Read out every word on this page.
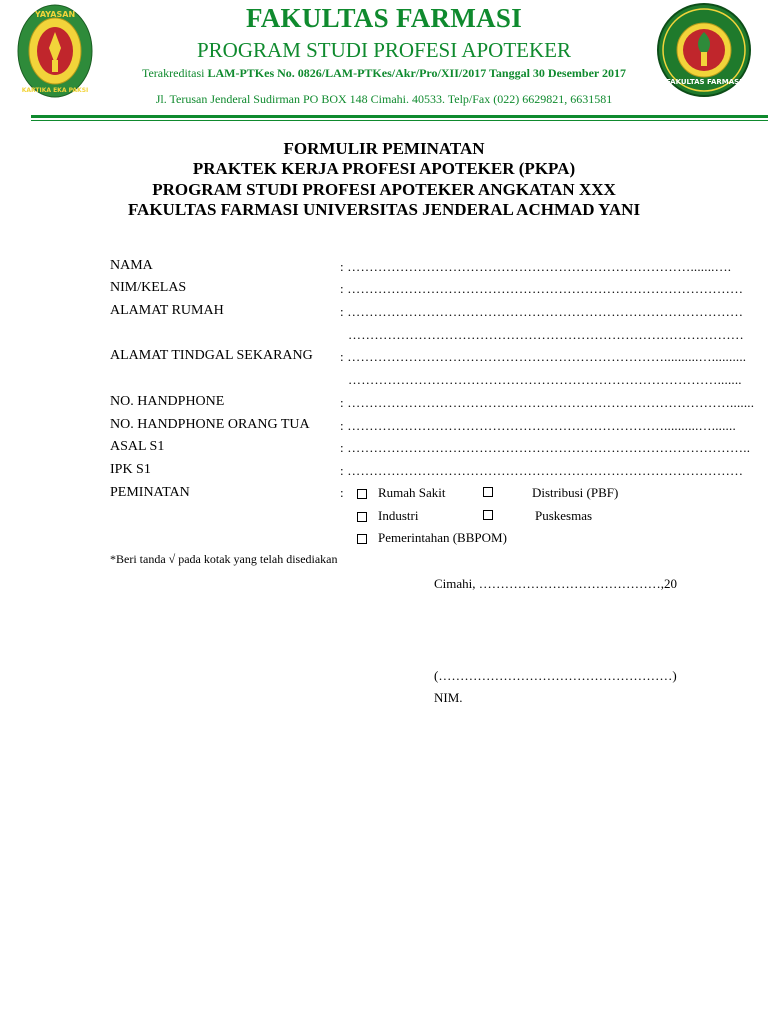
YAYASAN
KARTIKA EKA PAKSI
FAKULTAS FARMASI
FAKULTAS FARMASI
PROGRAM STUDI PROFESI APOTEKER
Terakreditasi LAM-PTKes No. 0826/LAM-PTKes/Akr/Pro/XII/2017 Tanggal 30 Desember 2017
Jl. Terusan Jenderal Sudirman PO BOX 148 Cimahi. 40533. Telp/Fax (022) 6629821, 6631581
FORMULIR PEMINATAN
PRAKTEK KERJA PROFESI APOTEKER (PKPA)
PROGRAM STUDI PROFESI APOTEKER ANGKATAN XXX
FAKULTAS FARMASI UNIVERSITAS JENDERAL ACHMAD YANI
NAMA	: …………………………………………………………………….......….
NIM/KELAS	: ………………………………………………………………………………
ALAMAT RUMAH	: ………………………………………………………………………………
………………………………………………………………………………
ALAMAT TINDGAL SEKARANG : ………………………………………………………………..........…..........
………………………………………………………………………….......
NO. HANDPHONE	: …………………………………………………………………………….......
NO. HANDPHONE ORANG TUA : ………………………………………………………………..........….......
ASAL S1	: ………………………………………………………………………………..
IPK S1	: ………………………………………………………………………………
PEMINATAN	:	Rumah Sakit	Distribusi (PBF)
Industri	Puskesmas
Pemerintahan (BBPOM)
*Beri tanda √ pada kotak yang telah disediakan
Cimahi, ……………………………………,20
(………………………………………………)
NIM.
